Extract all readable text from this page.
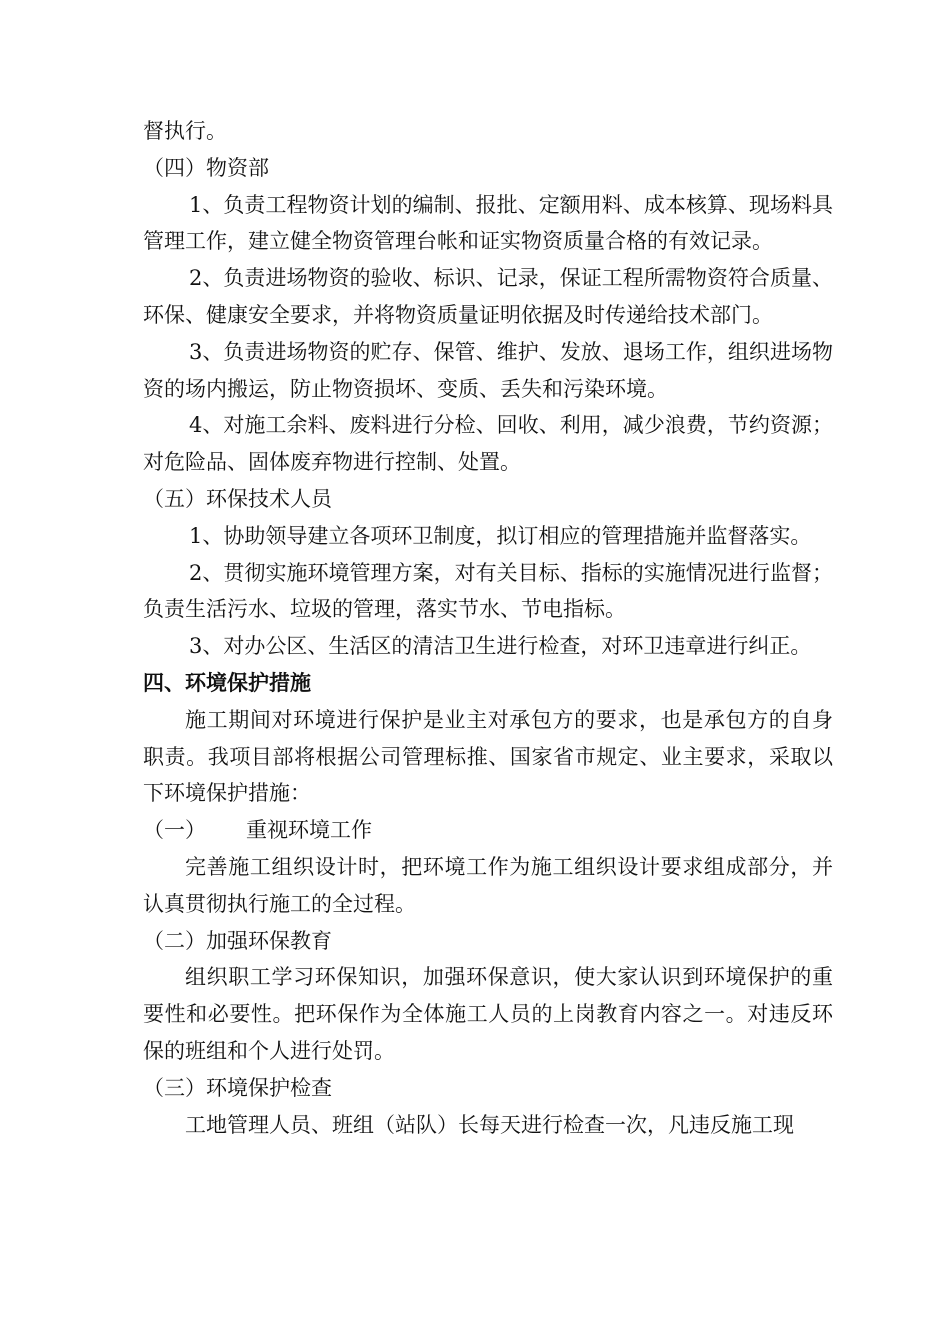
督执行。

（四）物资部

1、负责工程物资计划的编制、报批、定额用料、成本核算、现场料具管理工作，建立健全物资管理台帐和证实物资质量合格的有效记录。

2、负责进场物资的验收、标识、记录，保证工程所需物资符合质量、环保、健康安全要求，并将物资质量证明依据及时传递给技术部门。

3、负责进场物资的贮存、保管、维护、发放、退场工作，组织进场物资的场内搬运，防止物资损坏、变质、丢失和污染环境。

4、对施工余料、废料进行分检、回收、利用，减少浪费，节约资源；对危险品、固体废弃物进行控制、处置。

（五）环保技术人员

1、协助领导建立各项环卫制度，拟订相应的管理措施并监督落实。

2、贯彻实施环境管理方案，对有关目标、指标的实施情况进行监督；负责生活污水、垃圾的管理，落实节水、节电指标。

3、对办公区、生活区的清洁卫生进行检查，对环卫违章进行纠正。

四、环境保护措施

施工期间对环境进行保护是业主对承包方的要求，也是承包方的自身职责。我项目部将根据公司管理标推、国家省市规定、业主要求，采取以下环境保护措施：

（一） 重视环境工作

完善施工组织设计时，把环境工作为施工组织设计要求组成部分，并认真贯彻执行施工的全过程。

（二）加强环保教育

组织职工学习环保知识，加强环保意识，使大家认识到环境保护的重要性和必要性。把环保作为全体施工人员的上岗教育内容之一。对违反环保的班组和个人进行处罚。

（三）环境保护检查

工地管理人员、班组（站队）长每天进行检查一次，凡违反施工现
